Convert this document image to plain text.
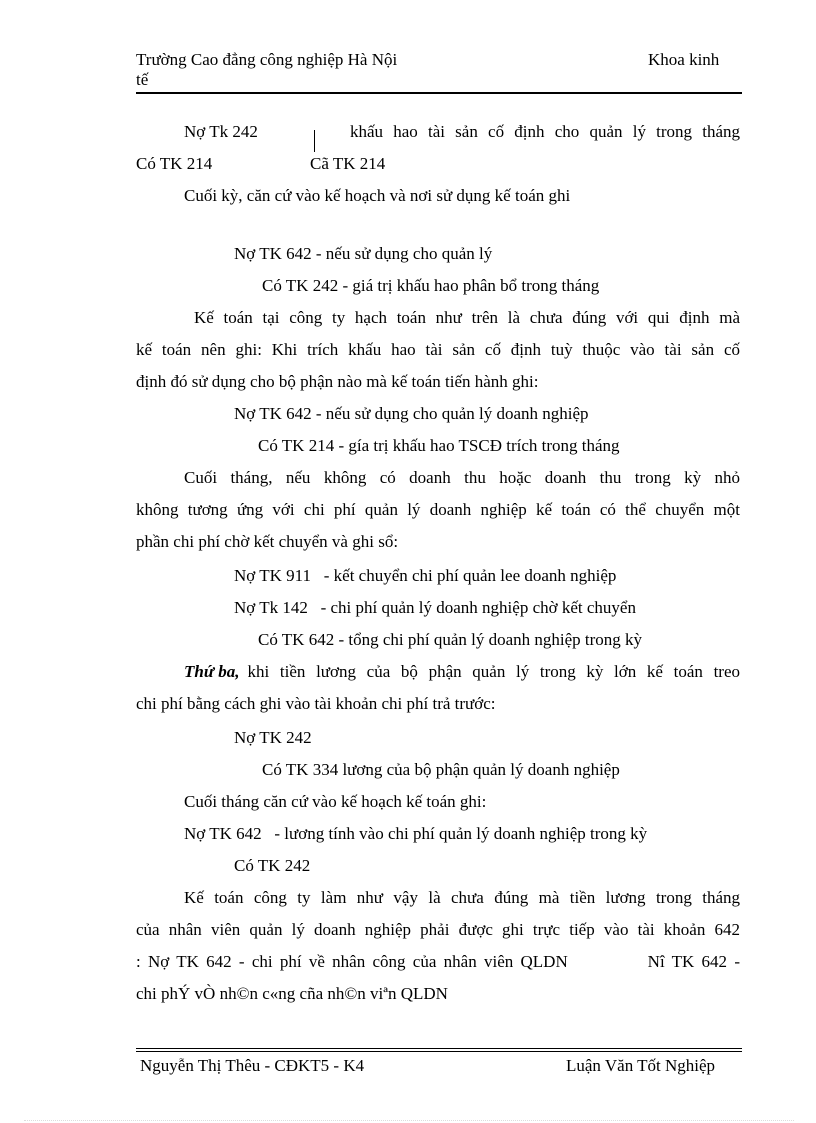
Trường Cao đẳng công nghiệp Hà Nội
tế
Khoa kinh
Nợ Tk 242	khấu hao tài sản cố định cho quản lý trong tháng
Có TK 214	Cã TK 214
Cuối kỳ, căn cứ vào kế hoạch và nơi sử dụng kế toán ghi
Nợ TK 642 - nếu sử dụng cho quản lý
Có TK 242 - giá trị khấu hao phân bổ trong tháng
Kế toán tại công ty hạch toán như trên là chưa đúng với qui định mà
kế toán nên ghi: Khi trích khấu hao tài sản cố định tuỳ thuộc vào tài sản cố
định đó sử dụng cho bộ phận nào mà kế toán tiến hành ghi:
Nợ TK 642 - nếu sử dụng cho quản lý doanh nghiệp
Có TK 214 - gía trị khấu hao TSCĐ trích trong tháng
Cuối tháng, nếu không có doanh thu hoặc doanh thu trong kỳ nhỏ
không tương ứng với chi phí quản lý doanh nghiệp kế toán có thể chuyển một
phần chi phí chờ kết chuyển và ghi sổ:
Nợ TK 911   - kết chuyển chi phí quản lee doanh nghiệp
Nợ Tk 142   - chi phí quản lý doanh nghiệp chờ kết chuyển
Có TK 642 - tổng chi phí quản lý doanh nghiệp trong kỳ
Thứ ba, khi tiền lương của bộ phận quản lý trong kỳ lớn kế toán treo
chi phí bằng cách ghi vào tài khoản chi phí trả trước:
Nợ TK 242
Có TK 334 lương của bộ phận quản lý doanh nghiệp
Cuối tháng căn cứ vào kế hoạch kế toán ghi:
Nợ TK 642   - lương tính vào chi phí quản lý doanh nghiệp trong kỳ
Có TK 242
Kế toán công ty làm như vậy là chưa đúng mà tiền lương trong tháng
của nhân viên quản lý doanh nghiệp phải được ghi trực tiếp vào tài khoản 642
: Nợ TK 642 - chi phí về nhân công của nhân viên QLDN           Nî TK 642 -
chi phÝ vÒ nh©n c«ng cña nh©n viªn QLDN
Nguyễn Thị Thêu - CĐKT5 - K4	Luận Văn Tốt Nghiệp
